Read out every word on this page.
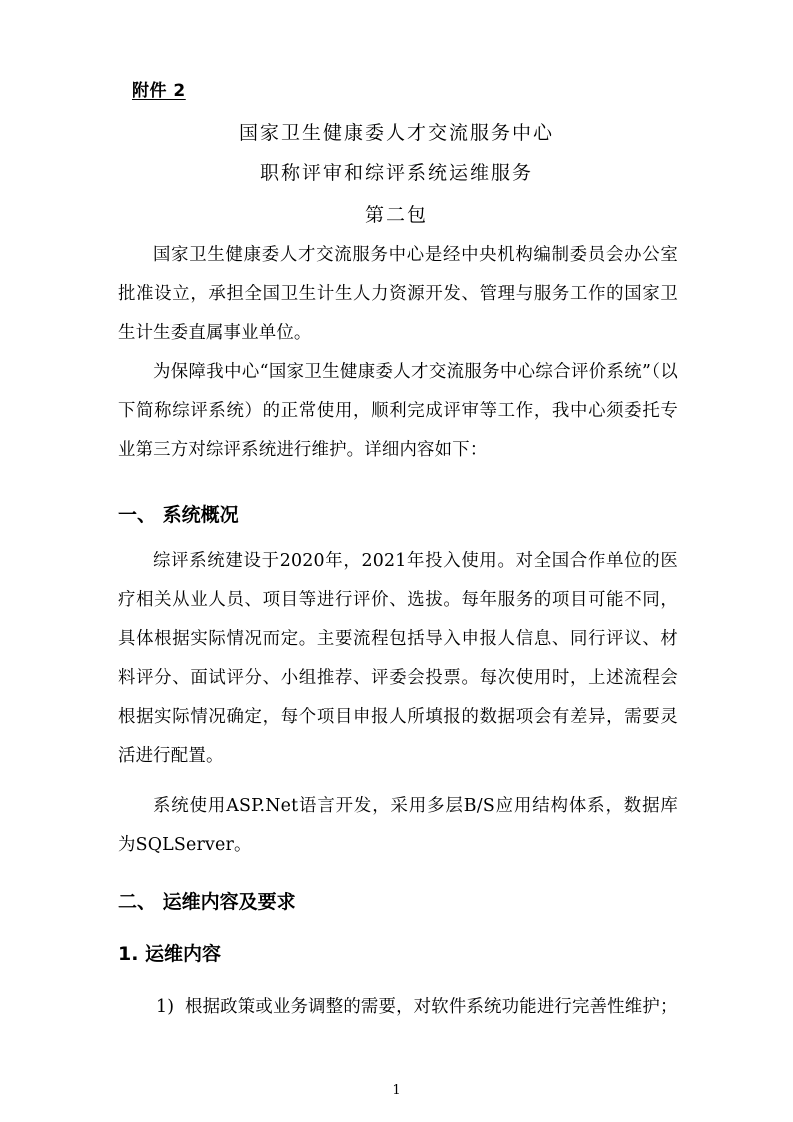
附件 2
国家卫生健康委人才交流服务中心
职称评审和综评系统运维服务
第二包
国家卫生健康委人才交流服务中心是经中央机构编制委员会办公室批准设立，承担全国卫生计生人力资源开发、管理与服务工作的国家卫生计生委直属事业单位。
为保障我中心“国家卫生健康委人才交流服务中心综合评价系统”（以下简称综评系统）的正常使用，顺利完成评审等工作，我中心须委托专业第三方对综评系统进行维护。详细内容如下：
一、 系统概况
综评系统建设于2020年，2021年投入使用。对全国合作单位的医疗相关从业人员、项目等进行评价、选拔。每年服务的项目可能不同，具体根据实际情况而定。主要流程包括导入申报人信息、同行评议、材料评分、面试评分、小组推荐、评委会投票。每次使用时，上述流程会根据实际情况确定，每个项目申报人所填报的数据项会有差异，需要灵活进行配置。
系统使用ASP.Net语言开发，采用多层B/S应用结构体系，数据库为SQLServer。
二、 运维内容及要求
1. 运维内容
1) 根据政策或业务调整的需要，对软件系统功能进行完善性维护；
1
